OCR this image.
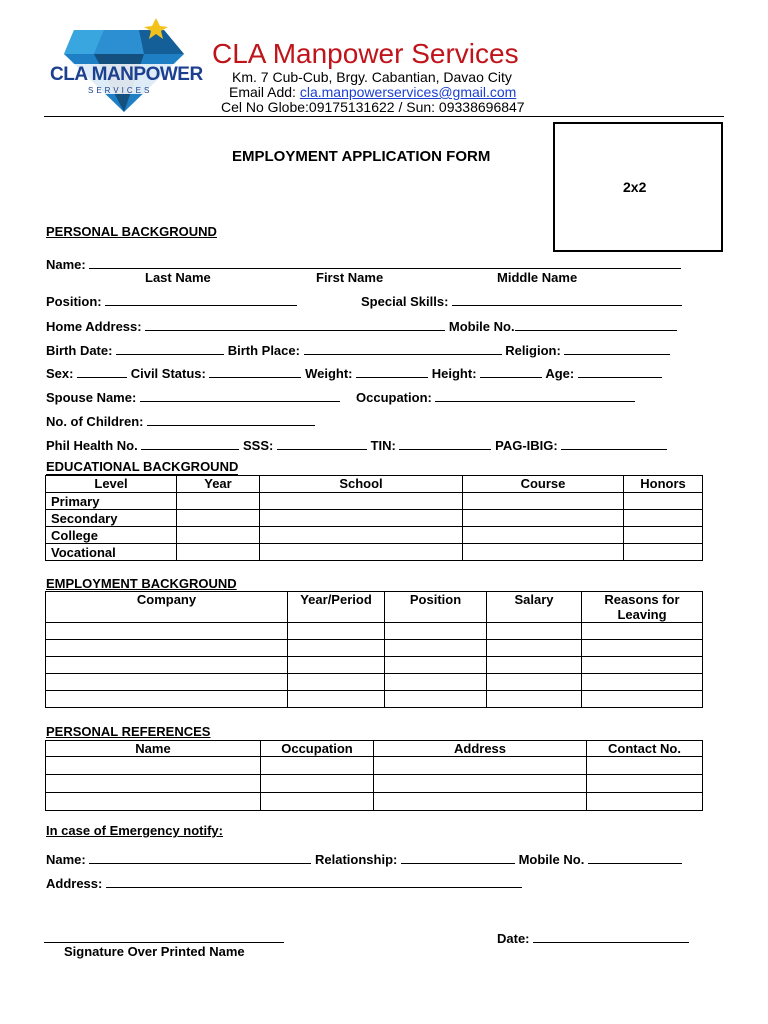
CLA MANPOWER
SERVICES
CLA Manpower Services
Km. 7 Cub-Cub, Brgy. Cabantian, Davao City
Email Add: cla.manpowerservices@gmail.com
Cel No Globe:09175131622 / Sun: 09338696847
EMPLOYMENT APPLICATION FORM
2x2
PERSONAL BACKGROUND
Name:
Last Name	First Name	Middle Name
Position:	Special Skills:
Home Address:	Mobile No.
Birth Date:	Birth Place:	Religion:
Sex:	Civil Status:	Weight:	Height:	Age:
Spouse Name:	Occupation:
No. of Children:
Phil Health No.	SSS:	TIN:	PAG-IBIG:
EDUCATIONAL BACKGROUND
Level	Year	School	Course	Honors
Primary				
Secondary				
College				
Vocational				
EMPLOYMENT BACKGROUND
Company	Year/Period	Position	Salary	Reasons for Leaving

PERSONAL REFERENCES
Name	Occupation	Address	Contact No.

In case of Emergency notify:
Name:	Relationship:	Mobile No.
Address:
Signature Over Printed Name
Date:
